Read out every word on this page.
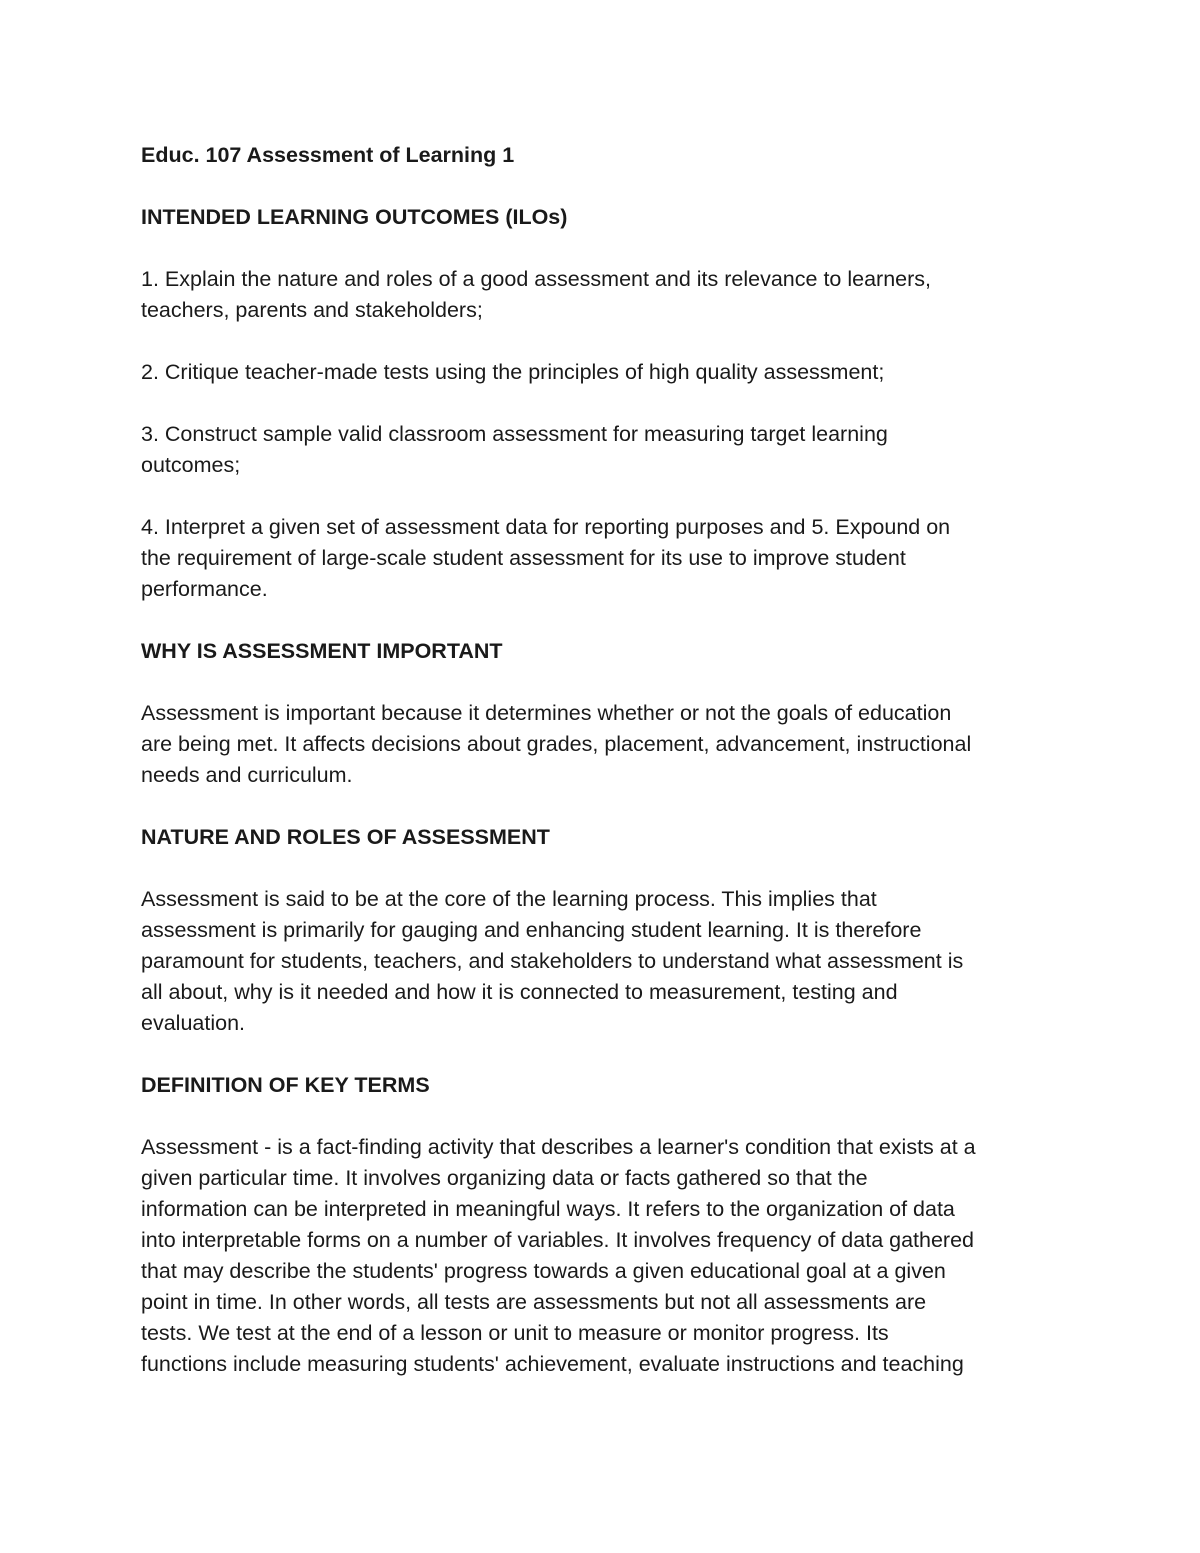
Educ. 107 Assessment of Learning 1
INTENDED LEARNING OUTCOMES (ILOs)
1. Explain the nature and roles of a good assessment and its relevance to learners,
teachers, parents and stakeholders;
2. Critique teacher-made tests using the principles of high quality assessment;
3. Construct sample valid classroom assessment for measuring target learning
outcomes;
4. Interpret a given set of assessment data for reporting purposes and 5. Expound on
the requirement of large-scale student assessment for its use to improve student
performance.
WHY IS ASSESSMENT IMPORTANT
Assessment is important because it determines whether or not the goals of education
are being met. It affects decisions about grades, placement, advancement, instructional
needs and curriculum.
NATURE AND ROLES OF ASSESSMENT
Assessment is said to be at the core of the learning process. This implies that
assessment is primarily for gauging and enhancing student learning. It is therefore
paramount for students, teachers, and stakeholders to understand what assessment is
all about, why is it needed and how it is connected to measurement, testing and
evaluation.
DEFINITION OF KEY TERMS
Assessment - is a fact-finding activity that describes a learner's condition that exists at a
given particular time. It involves organizing data or facts gathered so that the
information can be interpreted in meaningful ways. It refers to the organization of data
into interpretable forms on a number of variables. It involves frequency of data gathered
that may describe the students' progress towards a given educational goal at a given
point in time. In other words, all tests are assessments but not all assessments are
tests. We test at the end of a lesson or unit to measure or monitor progress. Its
functions include measuring students' achievement, evaluate instructions and teaching
